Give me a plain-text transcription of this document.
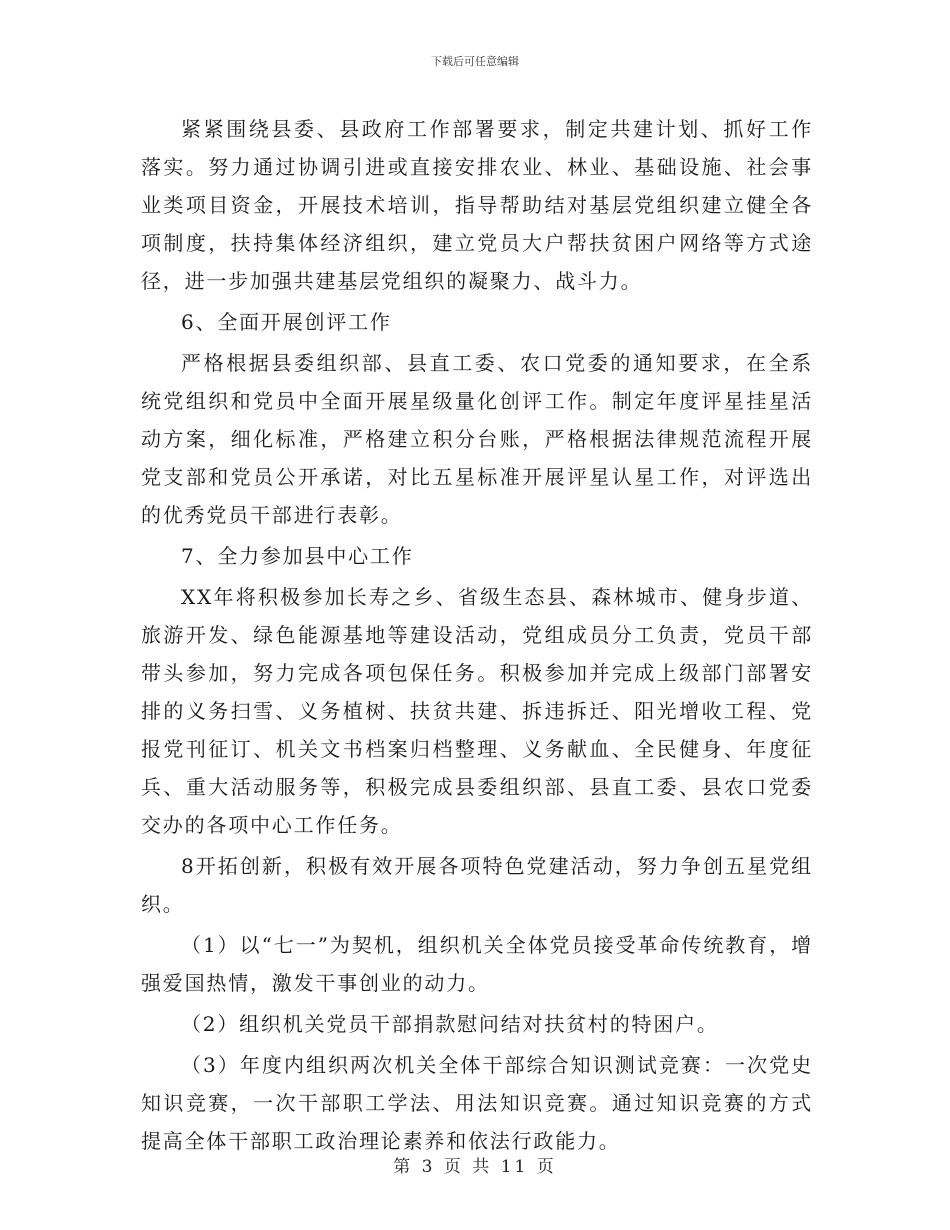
下载后可任意编辑

紧紧围绕县委、县政府工作部署要求，制定共建计划、抓好工作落实。努力通过协调引进或直接安排农业、林业、基础设施、社会事业类项目资金，开展技术培训，指导帮助结对基层党组织建立健全各项制度，扶持集体经济组织，建立党员大户帮扶贫困户网络等方式途径，进一步加强共建基层党组织的凝聚力、战斗力。

6、全面开展创评工作

严格根据县委组织部、县直工委、农口党委的通知要求，在全系统党组织和党员中全面开展星级量化创评工作。制定年度评星挂星活动方案，细化标准，严格建立积分台账，严格根据法律规范流程开展党支部和党员公开承诺，对比五星标准开展评星认星工作，对评选出的优秀党员干部进行表彰。

7、全力参加县中心工作

XX年将积极参加长寿之乡、省级生态县、森林城市、健身步道、旅游开发、绿色能源基地等建设活动，党组成员分工负责，党员干部带头参加，努力完成各项包保任务。积极参加并完成上级部门部署安排的义务扫雪、义务植树、扶贫共建、拆违拆迁、阳光增收工程、党报党刊征订、机关文书档案归档整理、义务献血、全民健身、年度征兵、重大活动服务等，积极完成县委组织部、县直工委、县农口党委交办的各项中心工作任务。

8开拓创新，积极有效开展各项特色党建活动，努力争创五星党组织。

（1）以“七一”为契机，组织机关全体党员接受革命传统教育，增强爱国热情，激发干事创业的动力。

（2）组织机关党员干部捐款慰问结对扶贫村的特困户。

（3）年度内组织两次机关全体干部综合知识测试竞赛：一次党史知识竞赛，一次干部职工学法、用法知识竞赛。通过知识竞赛的方式提高全体干部职工政治理论素养和依法行政能力。

第 3 页 共 11 页
